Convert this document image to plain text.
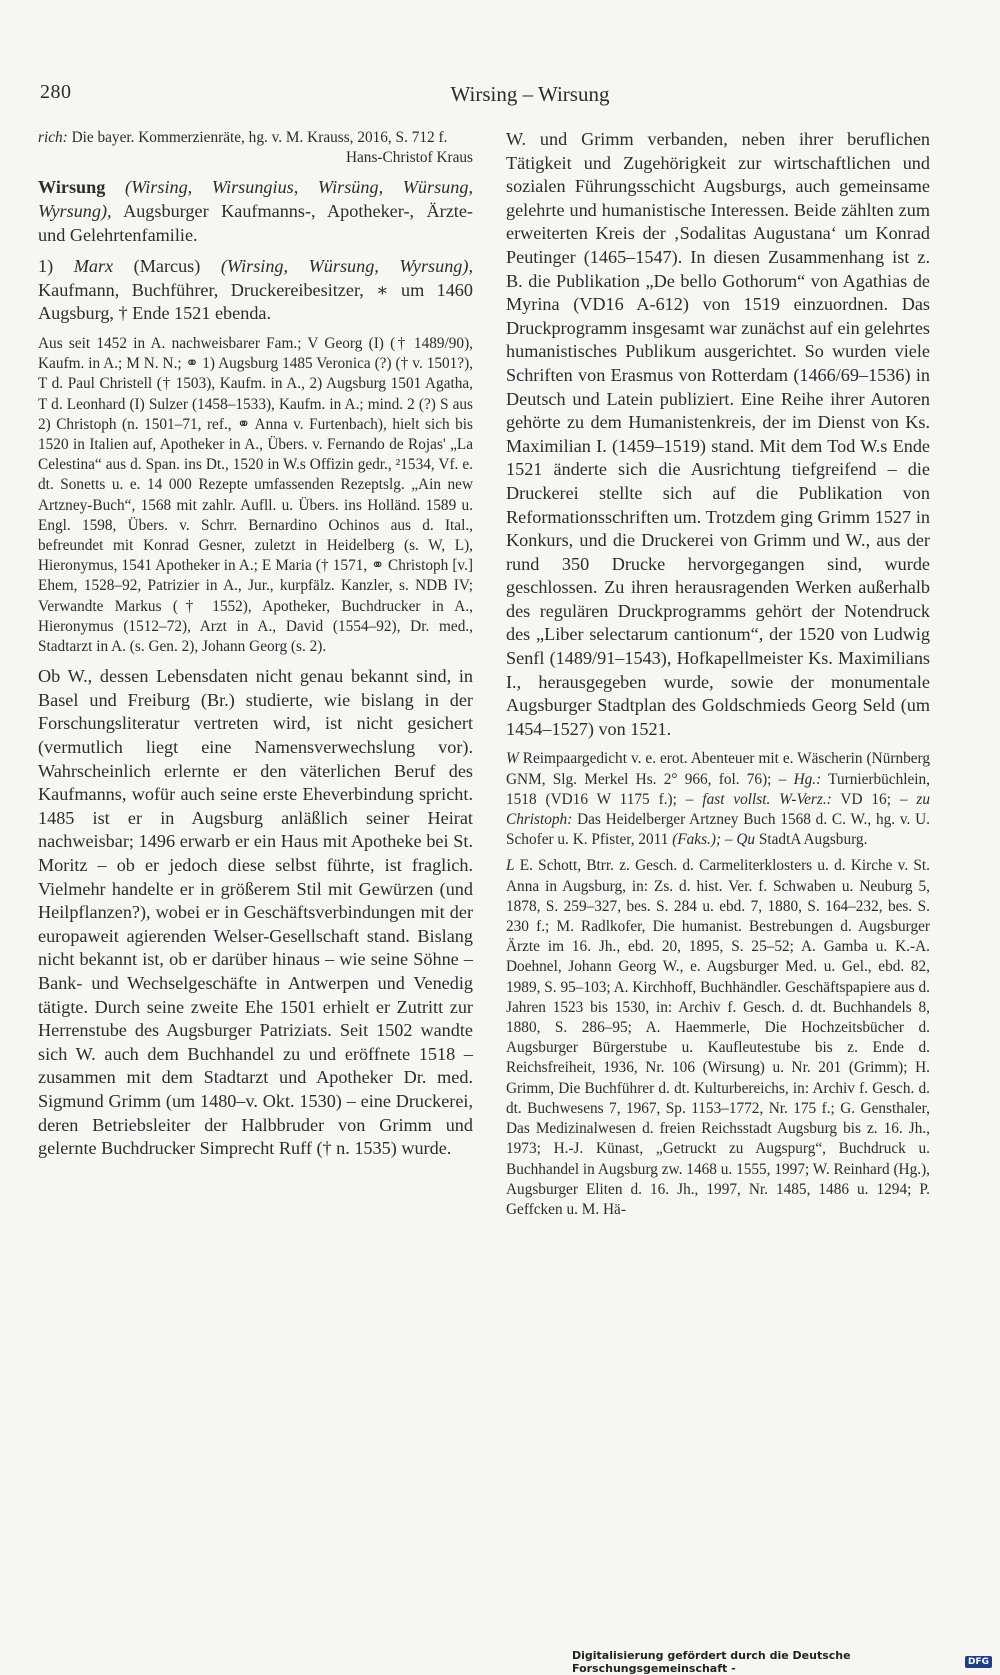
280	Wirsing – Wirsung

rich: Die bayer. Kommerzienräte, hg. v. M. Krauss, 2016, S. 712 f.

Hans-Christof Kraus

Wirsung (Wirsing, Wirsungius, Wirsüng, Würsung, Wyrsung), Augsburger Kaufmanns-, Apotheker-, Ärzte- und Gelehrtenfamilie.

1) Marx (Marcus) (Wirsing, Würsung, Wyrsung), Kaufmann, Buchführer, Druckereibesitzer, ∗ um 1460 Augsburg, † Ende 1521 ebenda.

Aus seit 1452 in A. nachweisbarer Fam.; V Georg (I) († 1489/90), Kaufm. in A.; M N. N.; ⚭ 1) Augsburg 1485 Veronica (?) († v. 1501?), T d. Paul Christell († 1503), Kaufm. in A., 2) Augsburg 1501 Agatha, T d. Leonhard (I) Sulzer (1458–1533), Kaufm. in A.; mind. 2 (?) S aus 2) Christoph (n. 1501–71, ref., ⚭ Anna v. Furtenbach), hielt sich bis 1520 in Italien auf, Apotheker in A., Übers. v. Fernando de Rojas' „La Celestina“ aus d. Span. ins Dt., 1520 in W.s Offizin gedr., ²1534, Vf. e. dt. Sonetts u. e. 14 000 Rezepte umfassenden Rezeptslg. „Ain new Artzney-Buch“, 1568 mit zahlr. Aufll. u. Übers. ins Holländ. 1589 u. Engl. 1598, Übers. v. Schrr. Bernardino Ochinos aus d. Ital., befreundet mit Konrad Gesner, zuletzt in Heidelberg (s. W, L), Hieronymus, 1541 Apotheker in A.; E Maria († 1571, ⚭ Christoph [v.] Ehem, 1528–92, Patrizier in A., Jur., kurpfälz. Kanzler, s. NDB IV; Verwandte Markus († 1552), Apotheker, Buchdrucker in A., Hieronymus (1512–72), Arzt in A., David (1554–92), Dr. med., Stadtarzt in A. (s. Gen. 2), Johann Georg (s. 2).

Ob W., dessen Lebensdaten nicht genau bekannt sind, in Basel und Freiburg (Br.) studierte, wie bislang in der Forschungsliteratur vertreten wird, ist nicht gesichert (vermutlich liegt eine Namensverwechslung vor). Wahrscheinlich erlernte er den väterlichen Beruf des Kaufmanns, wofür auch seine erste Eheverbindung spricht. 1485 ist er in Augsburg anläßlich seiner Heirat nachweisbar; 1496 erwarb er ein Haus mit Apotheke bei St. Moritz – ob er jedoch diese selbst führte, ist fraglich. Vielmehr handelte er in größerem Stil mit Gewürzen (und Heilpflanzen?), wobei er in Geschäftsverbindungen mit der europaweit agierenden Welser-Gesellschaft stand. Bislang nicht bekannt ist, ob er darüber hinaus – wie seine Söhne – Bank- und Wechselgeschäfte in Antwerpen und Venedig tätigte. Durch seine zweite Ehe 1501 erhielt er Zutritt zur Herrenstube des Augsburger Patriziats. Seit 1502 wandte sich W. auch dem Buchhandel zu und eröffnete 1518 – zusammen mit dem Stadtarzt und Apotheker Dr. med. Sigmund Grimm (um 1480–v. Okt. 1530) – eine Druckerei, deren Betriebsleiter der Halbbruder von Grimm und gelernte Buchdrucker Simprecht Ruff († n. 1535) wurde.

W. und Grimm verbanden, neben ihrer beruflichen Tätigkeit und Zugehörigkeit zur wirtschaftlichen und sozialen Führungsschicht Augsburgs, auch gemeinsame gelehrte und humanistische Interessen. Beide zählten zum erweiterten Kreis der ‚Sodalitas Augustana‘ um Konrad Peutinger (1465–1547). In diesen Zusammenhang ist z. B. die Publikation „De bello Gothorum“ von Agathias de Myrina (VD16 A-612) von 1519 einzuordnen. Das Druckprogramm insgesamt war zunächst auf ein gelehrtes humanistisches Publikum ausgerichtet. So wurden viele Schriften von Erasmus von Rotterdam (1466/69–1536) in Deutsch und Latein publiziert. Eine Reihe ihrer Autoren gehörte zu dem Humanistenkreis, der im Dienst von Ks. Maximilian I. (1459–1519) stand. Mit dem Tod W.s Ende 1521 änderte sich die Ausrichtung tiefgreifend – die Druckerei stellte sich auf die Publikation von Reformationsschriften um. Trotzdem ging Grimm 1527 in Konkurs, und die Druckerei von Grimm und W., aus der rund 350 Drucke hervorgegangen sind, wurde geschlossen. Zu ihren herausragenden Werken außerhalb des regulären Druckprogramms gehört der Notendruck des „Liber selectarum cantionum“, der 1520 von Ludwig Senfl (1489/91–1543), Hofkapellmeister Ks. Maximilians I., herausgegeben wurde, sowie der monumentale Augsburger Stadtplan des Goldschmieds Georg Seld (um 1454–1527) von 1521.

W Reimpaargedicht v. e. erot. Abenteuer mit e. Wäscherin (Nürnberg GNM, Slg. Merkel Hs. 2° 966, fol. 76); – Hg.: Turnierbüchlein, 1518 (VD16 W 1175 f.); – fast vollst. W-Verz.: VD 16; – zu Christoph: Das Heidelberger Artzney Buch 1568 d. C. W., hg. v. U. Schofer u. K. Pfister, 2011 (Faks.); – Qu StadtA Augsburg.

L E. Schott, Btrr. z. Gesch. d. Carmeliterklosters u. d. Kirche v. St. Anna in Augsburg, in: Zs. d. hist. Ver. f. Schwaben u. Neuburg 5, 1878, S. 259–327, bes. S. 284 u. ebd. 7, 1880, S. 164–232, bes. S. 230 f.; M. Radlkofer, Die humanist. Bestrebungen d. Augsburger Ärzte im 16. Jh., ebd. 20, 1895, S. 25–52; A. Gamba u. K.-A. Doehnel, Johann Georg W., e. Augsburger Med. u. Gel., ebd. 82, 1989, S. 95–103; A. Kirchhoff, Buchhändler. Geschäftspapiere aus d. Jahren 1523 bis 1530, in: Archiv f. Gesch. d. dt. Buchhandels 8, 1880, S. 286–95; A. Haemmerle, Die Hochzeitsbücher d. Augsburger Bürgerstube u. Kaufleutestube bis z. Ende d. Reichsfreiheit, 1936, Nr. 106 (Wirsung) u. Nr. 201 (Grimm); H. Grimm, Die Buchführer d. dt. Kulturbereichs, in: Archiv f. Gesch. d. dt. Buchwesens 7, 1967, Sp. 1153–1772, Nr. 175 f.; G. Gensthaler, Das Medizinalwesen d. freien Reichsstadt Augsburg bis z. 16. Jh., 1973; H.-J. Künast, „Getruckt zu Augspurg“, Buchdruck u. Buchhandel in Augsburg zw. 1468 u. 1555, 1997; W. Reinhard (Hg.), Augsburger Eliten d. 16. Jh., 1997, Nr. 1485, 1486 u. 1294; P. Geffcken u. M. Hä-

Digitalisierung gefördert durch die Deutsche Forschungsgemeinschaft -	DFG
